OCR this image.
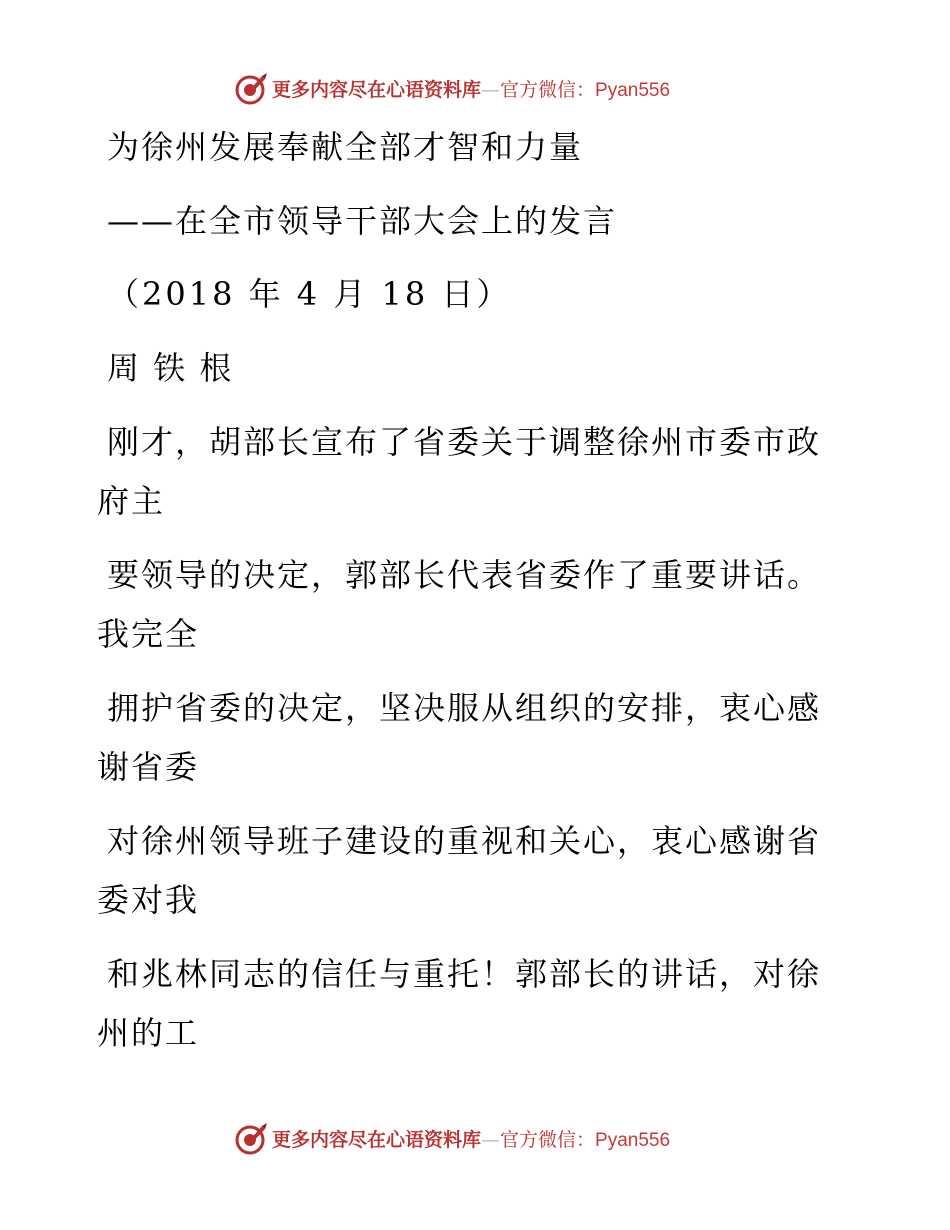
更多内容尽在心语资料库—官方微信：Pyan556
为徐州发展奉献全部才智和力量
——在全市领导干部大会上的发言
（2018 年 4 月 18 日）
周 铁 根
刚才，胡部长宣布了省委关于调整徐州市委市政
府主
要领导的决定，郭部长代表省委作了重要讲话。
我完全
拥护省委的决定，坚决服从组织的安排，衷心感
谢省委
对徐州领导班子建设的重视和关心，衷心感谢省
委对我
和兆林同志的信任与重托！郭部长的讲话，对徐
州的工
更多内容尽在心语资料库—官方微信：Pyan556
